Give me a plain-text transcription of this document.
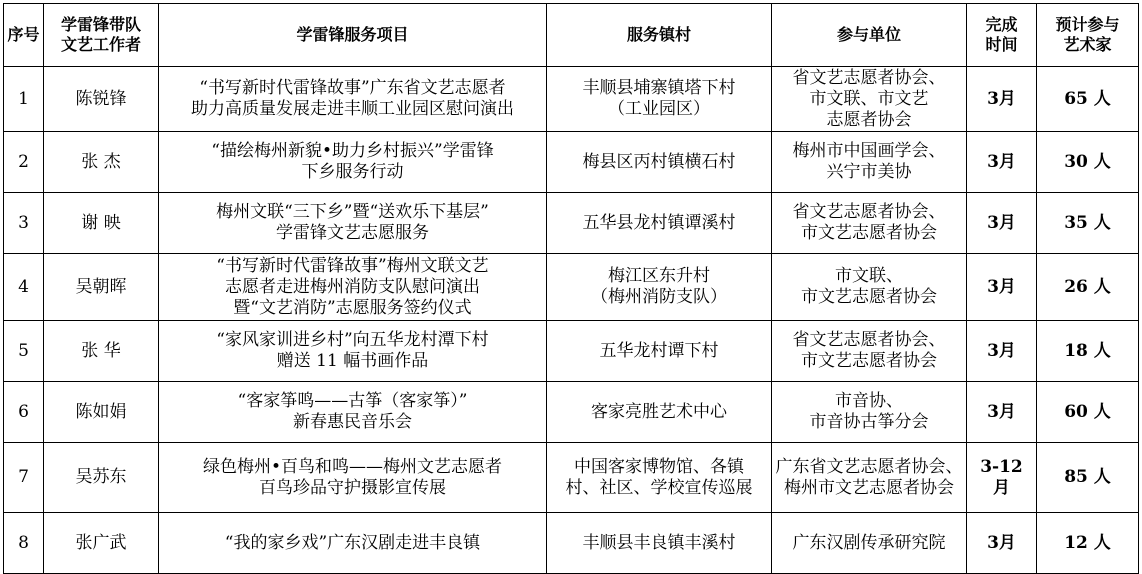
序号	学雷锋带队
文艺工作者	学雷锋服务项目	服务镇村	参与单位	完成
时间	预计参与
艺术家
1	陈锐锋	“书写新时代雷锋故事”广东省文艺志愿者
助力高质量发展走进丰顺工业园区慰问演出	丰顺县埔寨镇塔下村
（工业园区）	省文艺志愿者协会、
市文联、市文艺
志愿者协会	3月	65 人
2	张 杰	“描绘梅州新貌•助力乡村振兴”学雷锋
下乡服务行动	梅县区丙村镇横石村	梅州市中国画学会、
兴宁市美协	3月	30 人
3	谢 映	梅州文联“三下乡”暨“送欢乐下基层”
学雷锋文艺志愿服务	五华县龙村镇谭溪村	省文艺志愿者协会、
市文艺志愿者协会	3月	35 人
4	吴朝晖	“书写新时代雷锋故事”梅州文联文艺
志愿者走进梅州消防支队慰问演出
暨“文艺消防”志愿服务签约仪式	梅江区东升村
（梅州消防支队）	市文联、
市文艺志愿者协会	3月	26 人
5	张 华	“家风家训进乡村”向五华龙村潭下村
赠送 11 幅书画作品	五华龙村谭下村	省文艺志愿者协会、
市文艺志愿者协会	3月	18 人
6	陈如娟	“客家筝鸣——古筝（客家筝）”
新春惠民音乐会	客家亮胜艺术中心	市音协、
市音协古筝分会	3月	60 人
7	吴苏东	绿色梅州•百鸟和鸣——梅州文艺志愿者
百鸟珍品守护摄影宣传展	中国客家博物馆、各镇
村、社区、学校宣传巡展	广东省文艺志愿者协会、
梅州市文艺志愿者协会	3-12 月	85 人
8	张广武	“我的家乡戏”广东汉剧走进丰良镇	丰顺县丰良镇丰溪村	广东汉剧传承研究院	3月	12 人
